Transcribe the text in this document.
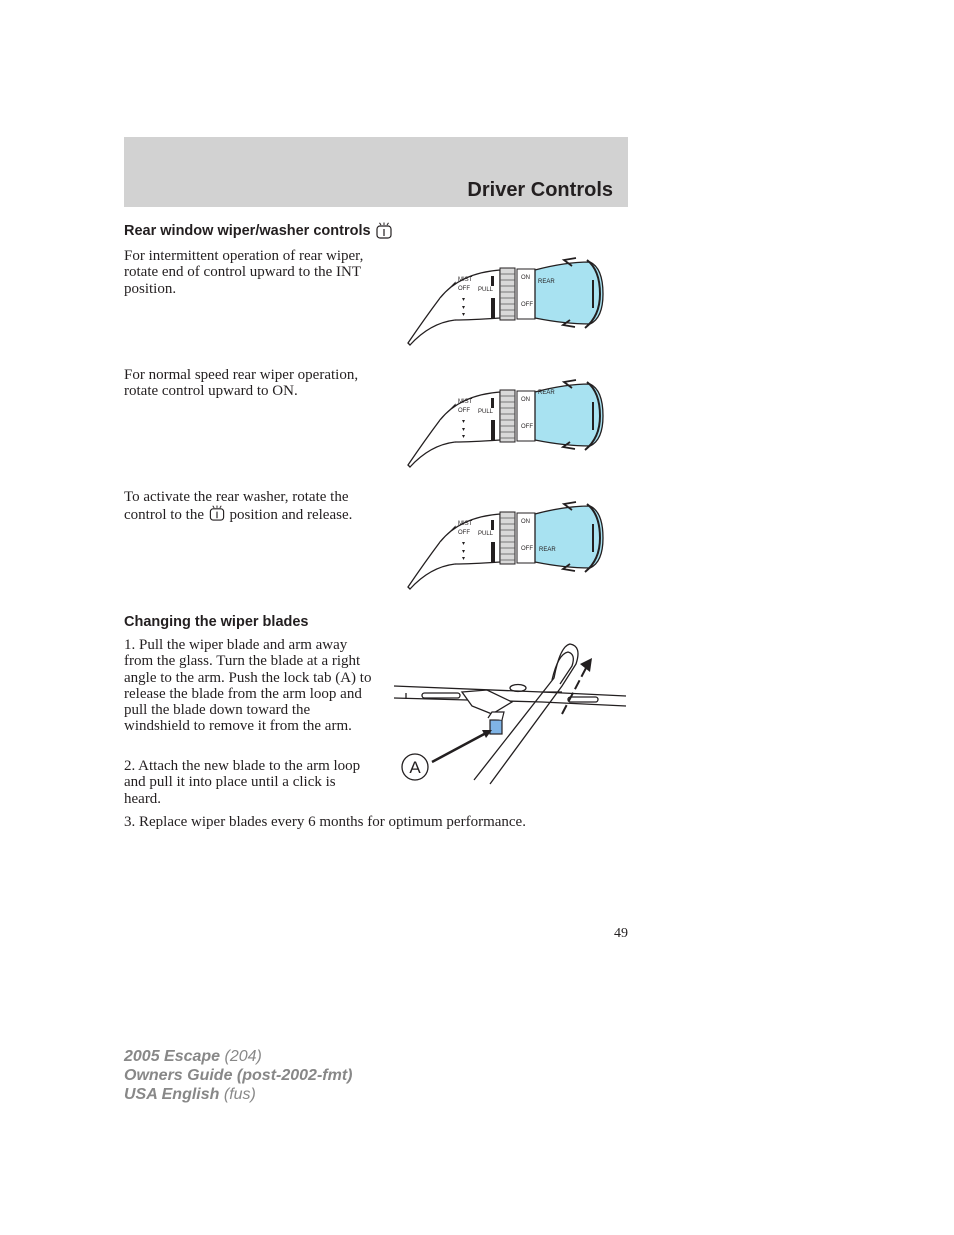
Driver Controls
Rear window wiper/washer controls

For intermittent operation of rear wiper, rotate end of control upward to the INT position.

For normal speed rear wiper operation, rotate control upward to ON.

To activate the rear washer, rotate the control to the position and release.

MIST
OFF PULL
▾
▾
▾
ON
OFF
REAR
MIST
OFF PULL
▾
▾
▾
ON
OFF
REAR
MIST
OFF PULL
▾
▾
▾
ON
OFF REAR
Changing the wiper blades

1. Pull the wiper blade and arm away from the glass. Turn the blade at a right angle to the arm. Push the lock tab (A) to release the blade from the arm loop and pull the blade down toward the windshield to remove it from the arm.

2. Attach the new blade to the arm loop and pull it into place until a click is heard.

3. Replace wiper blades every 6 months for optimum performance.

A
49
2005 Escape (204)
Owners Guide (post-2002-fmt)
USA English (fus)
